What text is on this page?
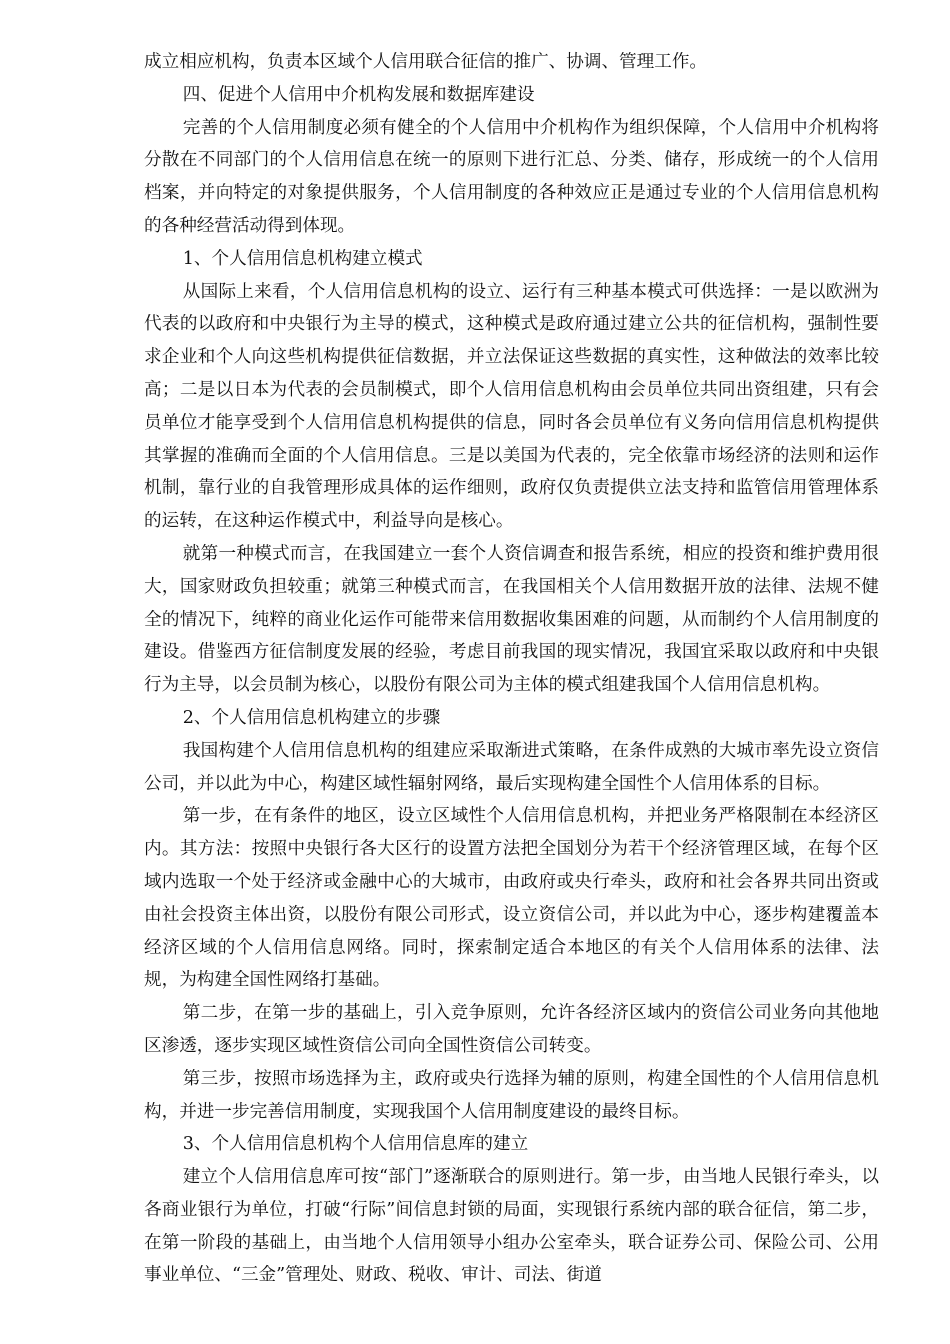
成立相应机构，负责本区域个人信用联合征信的推广、协调、管理工作。

四、促进个人信用中介机构发展和数据库建设

完善的个人信用制度必须有健全的个人信用中介机构作为组织保障，个人信用中介机构将分散在不同部门的个人信用信息在统一的原则下进行汇总、分类、储存，形成统一的个人信用档案，并向特定的对象提供服务，个人信用制度的各种效应正是通过专业的个人信用信息机构的各种经营活动得到体现。

1、个人信用信息机构建立模式

从国际上来看，个人信用信息机构的设立、运行有三种基本模式可供选择：一是以欧洲为代表的以政府和中央银行为主导的模式，这种模式是政府通过建立公共的征信机构，强制性要求企业和个人向这些机构提供征信数据，并立法保证这些数据的真实性，这种做法的效率比较高；二是以日本为代表的会员制模式，即个人信用信息机构由会员单位共同出资组建，只有会员单位才能享受到个人信用信息机构提供的信息，同时各会员单位有义务向信用信息机构提供其掌握的准确而全面的个人信用信息。三是以美国为代表的，完全依靠市场经济的法则和运作机制，靠行业的自我管理形成具体的运作细则，政府仅负责提供立法支持和监管信用管理体系的运转，在这种运作模式中，利益导向是核心。

就第一种模式而言，在我国建立一套个人资信调查和报告系统，相应的投资和维护费用很大，国家财政负担较重；就第三种模式而言，在我国相关个人信用数据开放的法律、法规不健全的情况下，纯粹的商业化运作可能带来信用数据收集困难的问题，从而制约个人信用制度的建设。借鉴西方征信制度发展的经验，考虑目前我国的现实情况，我国宜采取以政府和中央银行为主导，以会员制为核心，以股份有限公司为主体的模式组建我国个人信用信息机构。

2、个人信用信息机构建立的步骤

我国构建个人信用信息机构的组建应采取渐进式策略，在条件成熟的大城市率先设立资信公司，并以此为中心，构建区域性辐射网络，最后实现构建全国性个人信用体系的目标。

第一步，在有条件的地区，设立区域性个人信用信息机构，并把业务严格限制在本经济区内。其方法：按照中央银行各大区行的设置方法把全国划分为若干个经济管理区域，在每个区域内选取一个处于经济或金融中心的大城市，由政府或央行牵头，政府和社会各界共同出资或由社会投资主体出资，以股份有限公司形式，设立资信公司，并以此为中心，逐步构建覆盖本经济区域的个人信用信息网络。同时，探索制定适合本地区的有关个人信用体系的法律、法规，为构建全国性网络打基础。

第二步，在第一步的基础上，引入竞争原则，允许各经济区域内的资信公司业务向其他地区渗透，逐步实现区域性资信公司向全国性资信公司转变。

第三步，按照市场选择为主，政府或央行选择为辅的原则，构建全国性的个人信用信息机构，并进一步完善信用制度，实现我国个人信用制度建设的最终目标。

3、个人信用信息机构个人信用信息库的建立

建立个人信用信息库可按“部门”逐渐联合的原则进行。第一步，由当地人民银行牵头，以各商业银行为单位，打破“行际”间信息封锁的局面，实现银行系统内部的联合征信，第二步，在第一阶段的基础上，由当地个人信用领导小组办公室牵头，联合证券公司、保险公司、公用事业单位、“三金”管理处、财政、税收、审计、司法、街道
